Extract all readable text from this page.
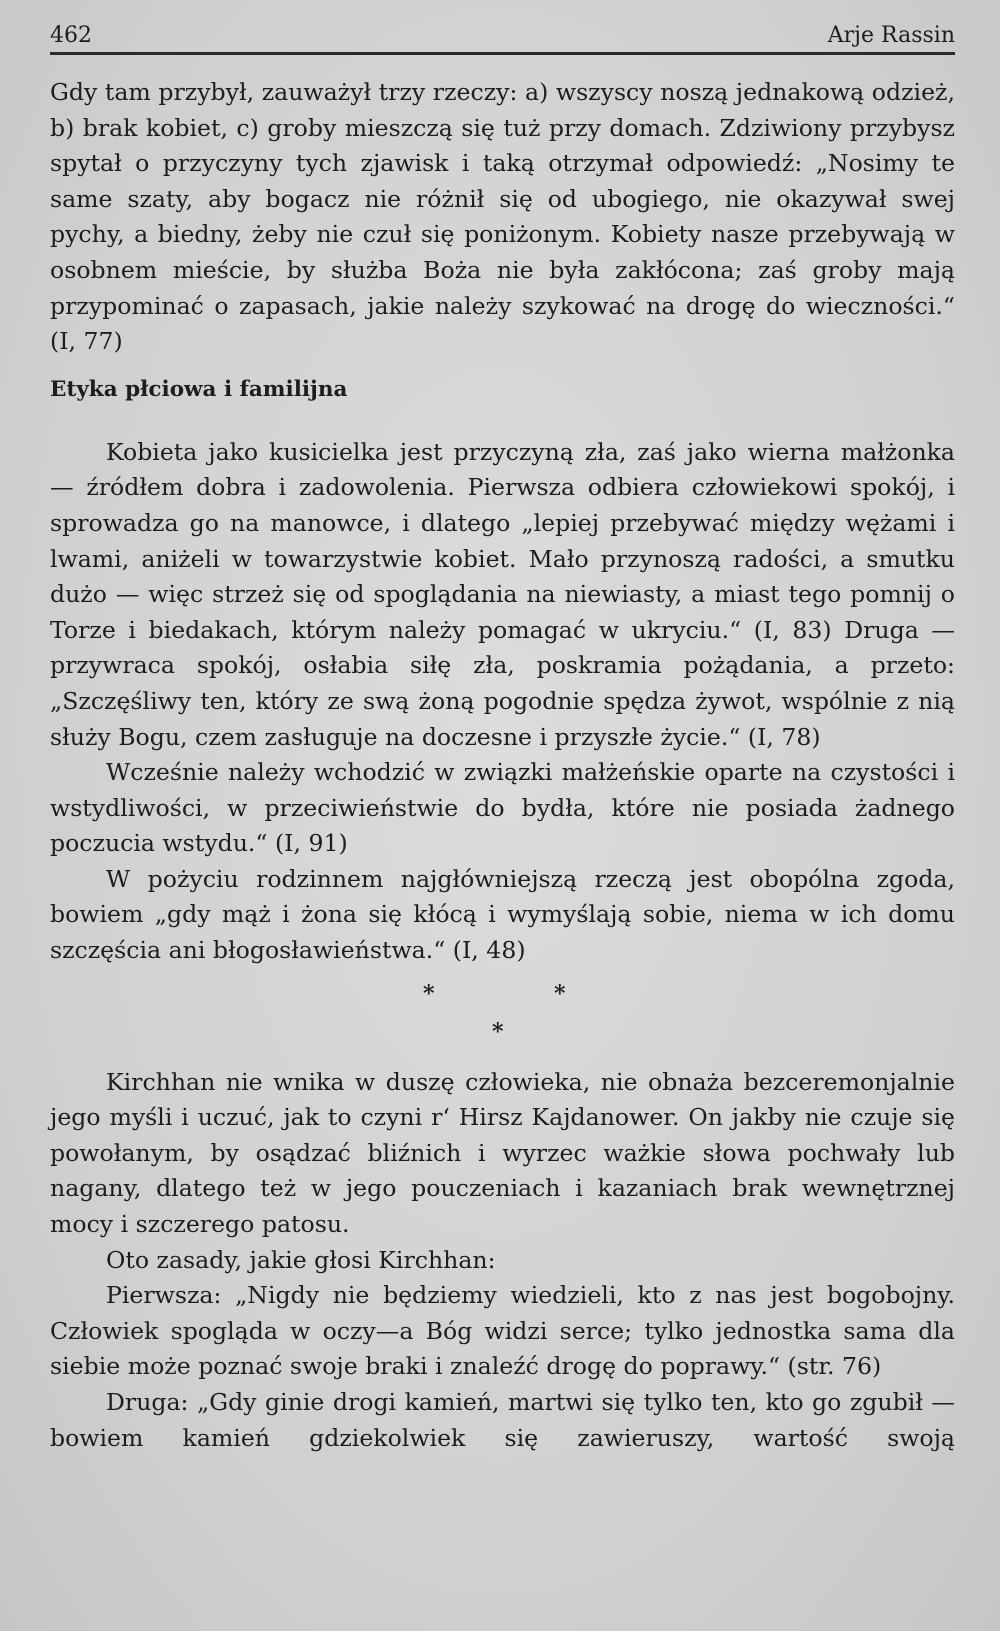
462	Arje Rassin

Gdy tam przybył, zauważył trzy rzeczy: a) wszyscy noszą jednakową odzież, b) brak kobiet, c) groby mieszczą się tuż przy domach. Zdziwiony przybysz spytał o przyczyny tych zjawisk i taką otrzymał odpowiedź: „Nosimy te same szaty, aby bogacz nie różnił się od ubogiego, nie okazywał swej pychy, a biedny, żeby nie czuł się poniżonym. Kobiety nasze przebywają w osobnem mieście, by służba Boża nie była zakłócona; zaś groby mają przypominać o zapasach, jakie należy szykować na drogę do wieczności.“ (I, 77)

Etyka płciowa i familijna

Kobieta jako kusicielka jest przyczyną zła, zaś jako wierna małżonka — źródłem dobra i zadowolenia. Pierwsza odbiera człowiekowi spokój, i sprowadza go na manowce, i dlatego „lepiej przebywać między wężami i lwami, aniżeli w towarzystwie kobiet. Mało przynoszą radości, a smutku dużo — więc strzeż się od spoglądania na niewiasty, a miast tego pomnij o Torze i biedakach, którym należy pomagać w ukryciu.“ (I, 83) Druga — przywraca spokój, osłabia siłę zła, poskramia pożądania, a przeto: „Szczęśliwy ten, który ze swą żoną pogodnie spędza żywot, wspólnie z nią służy Bogu, czem zasługuje na doczesne i przyszłe życie.“ (I, 78)

Wcześnie należy wchodzić w związki małżeńskie oparte na czystości i wstydliwości, w przeciwieństwie do bydła, które nie posiada żadnego poczucia wstydu.“ (I, 91)

W pożyciu rodzinnem najgłówniejszą rzeczą jest obopólna zgoda, bowiem „gdy mąż i żona się kłócą i wymyślają sobie, niema w ich domu szczęścia ani błogosławieństwa.“ (I, 48)

*	*
*

Kirchhan nie wnika w duszę człowieka, nie obnaża bezceremonjalnie jego myśli i uczuć, jak to czyni r‘ Hirsz Kajdanower. On jakby nie czuje się powołanym, by osądzać bliźnich i wyrzec ważkie słowa pochwały lub nagany, dlatego też w jego pouczeniach i kazaniach brak wewnętrznej mocy i szczerego patosu.

Oto zasady, jakie głosi Kirchhan:

Pierwsza: „Nigdy nie będziemy wiedzieli, kto z nas jest bogobojny. Człowiek spogląda w oczy—a Bóg widzi serce; tylko jednostka sama dla siebie może poznać swoje braki i znaleźć drogę do poprawy.“ (str. 76)

Druga: „Gdy ginie drogi kamień, martwi się tylko ten, kto go zgubił — bowiem kamień gdziekolwiek się zawieruszy, wartość swoją
